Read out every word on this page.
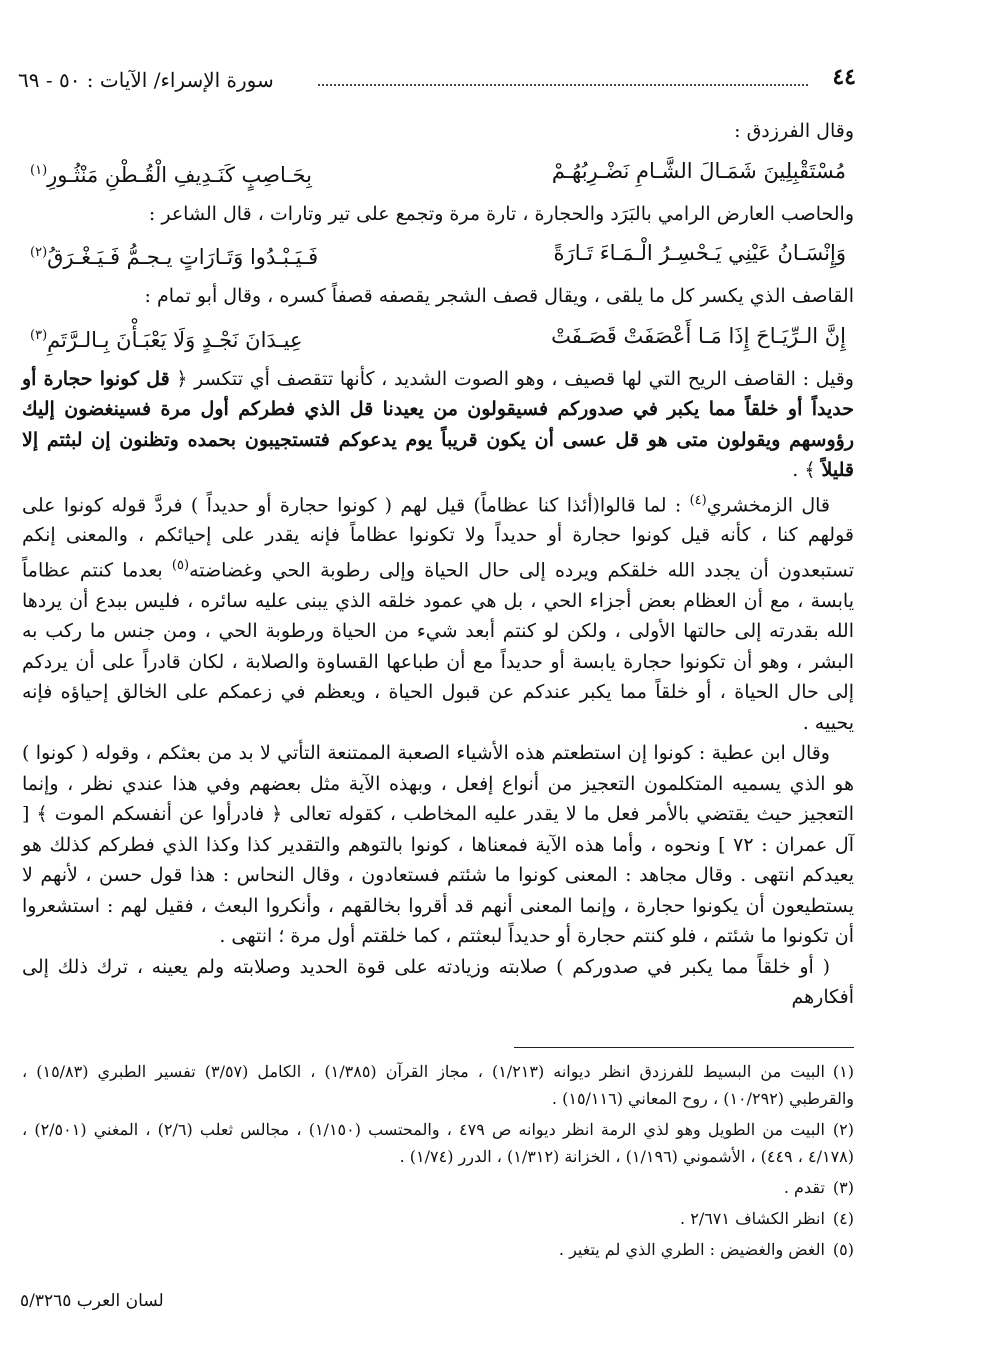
٤٤
سورة الإسراء/ الآيات : ٥٠ - ٦٩

وقال الفرزدق :

مُسْتَقْبِلِينَ شَمَـالَ الشَّـامِ نَضْـرِبُهُـمْ
بِحَـاصِبٍ كَنَـدِيفِ الْقُـطْنِ مَنْثُـورِ$^{(١)}$

والحاصب العارض الرامي بالبَرَد والحجارة ، تارة مرة وتجمع على تير وتارات ، قال الشاعر :

وَإِنْسَـانُ عَيْنِي يَـحْسِـرُ الْـمَـاءَ تَـارَةً
فَـيَـبْـدُوا وَتَـارَاتٍ يـجـمُّ فَـيَـغْـرَقُ$^{(٢)}$

القاصف الذي يكسر كل ما يلقى ، ويقال قصف الشجر يقصفه قصفاً كسره ، وقال أبو تمام :

إِنَّ الـرِّيَـاحَ إِذَا مَـا أَعْصَفَتْ قَصَـفَتْ
عِيـدَانَ نَجْـدٍ وَلَا يَعْبَـأْنَ بِـالـرَّتَمِ$^{(٣)}$

وقيل : القاصف الريح التي لها قصيف ، وهو الصوت الشديد ، كأنها تتقصف أي تتكسر ﴿ قل كونوا حجارة أو حديداً أو خلقاً مما يكبر في صدوركم فسيقولون من يعيدنا قل الذي فطركم أول مرة فسينغضون إليك رؤوسهم ويقولون متى هو قل عسى أن يكون قريباً يوم يدعوكم فتستجيبون بحمده وتظنون إن لبثتم إلا قليلاً ﴾ .

قال الزمخشري$^{(٤)}$ : لما قالوا(أئذا كنا عظاماً) قيل لهم ( كونوا حجارة أو حديداً ) فردَّ قوله كونوا على قولهم كنا ، كأنه قيل كونوا حجارة أو حديداً ولا تكونوا عظاماً فإنه يقدر على إحيائكم ، والمعنى إنكم تستبعدون أن يجدد الله خلقكم ويرده إلى حال الحياة وإلى رطوبة الحي وغضاضته$^{(٥)}$ بعدما كنتم عظاماً يابسة ، مع أن العظام بعض أجزاء الحي ، بل هي عمود خلقه الذي يبنى عليه سائره ، فليس ببدع أن يردها الله بقدرته إلى حالتها الأولى ، ولكن لو كنتم أبعد شيء من الحياة ورطوبة الحي ، ومن جنس ما ركب به البشر ، وهو أن تكونوا حجارة يابسة أو حديداً مع أن طباعها القساوة والصلابة ، لكان قادراً على أن يردكم إلى حال الحياة ، أو خلقاً مما يكبر عندكم عن قبول الحياة ، ويعظم في زعمكم على الخالق إحياؤه فإنه يحييه .

وقال ابن عطية : كونوا إن استطعتم هذه الأشياء الصعبة الممتنعة التأتي لا بد من بعثكم ، وقوله ( كونوا ) هو الذي يسميه المتكلمون التعجيز من أنواع إفعل ، وبهذه الآية مثل بعضهم وفي هذا عندي نظر ، وإنما التعجيز حيث يقتضي بالأمر فعل ما لا يقدر عليه المخاطب ، كقوله تعالى ﴿ فادرأوا عن أنفسكم الموت ﴾ [ آل عمران : ٧٢ ] ونحوه ، وأما هذه الآية فمعناها ، كونوا بالتوهم والتقدير كذا وكذا الذي فطركم كذلك هو يعيدكم انتهى . وقال مجاهد : المعنى كونوا ما شئتم فستعادون ، وقال النحاس : هذا قول حسن ، لأنهم لا يستطيعون أن يكونوا حجارة ، وإنما المعنى أنهم قد أقروا بخالقهم ، وأنكروا البعث ، فقيل لهم : استشعروا أن تكونوا ما شئتم ، فلو كنتم حجارة أو حديداً لبعثتم ، كما خلقتم أول مرة ؛ انتهى .

( أو خلقاً مما يكبر في صدوركم ) صلابته وزيادته على قوة الحديد وصلابته ولم يعينه ، ترك ذلك إلى أفكارهم

(١)البيت من البسيط للفرزدق انظر ديوانه (١/٢١٣) ، مجاز القرآن (١/٣٨٥) ، الكامل (٣/٥٧) تفسير الطبري (١٥/٨٣) ، والقرطبي (١٠/٢٩٢) ، روح المعاني (١٥/١١٦) .

(٢)البيت من الطويل وهو لذي الرمة انظر ديوانه ص ٤٧٩ ، والمحتسب (١/١٥٠) ، مجالس ثعلب (٢/٦) ، المغني (٢/٥٠١) ، (٤/١٧٨ ، ٤٤٩) ، الأشموني (١/١٩٦) ، الخزانة (١/٣١٢) ، الدرر (١/٧٤) .

(٣)تقدم .

(٤)انظر الكشاف ٢/٦٧١ .

(٥)الغض والغضيض : الطري الذي لم يتغير .

لسان العرب ٥/٣٢٦٥
